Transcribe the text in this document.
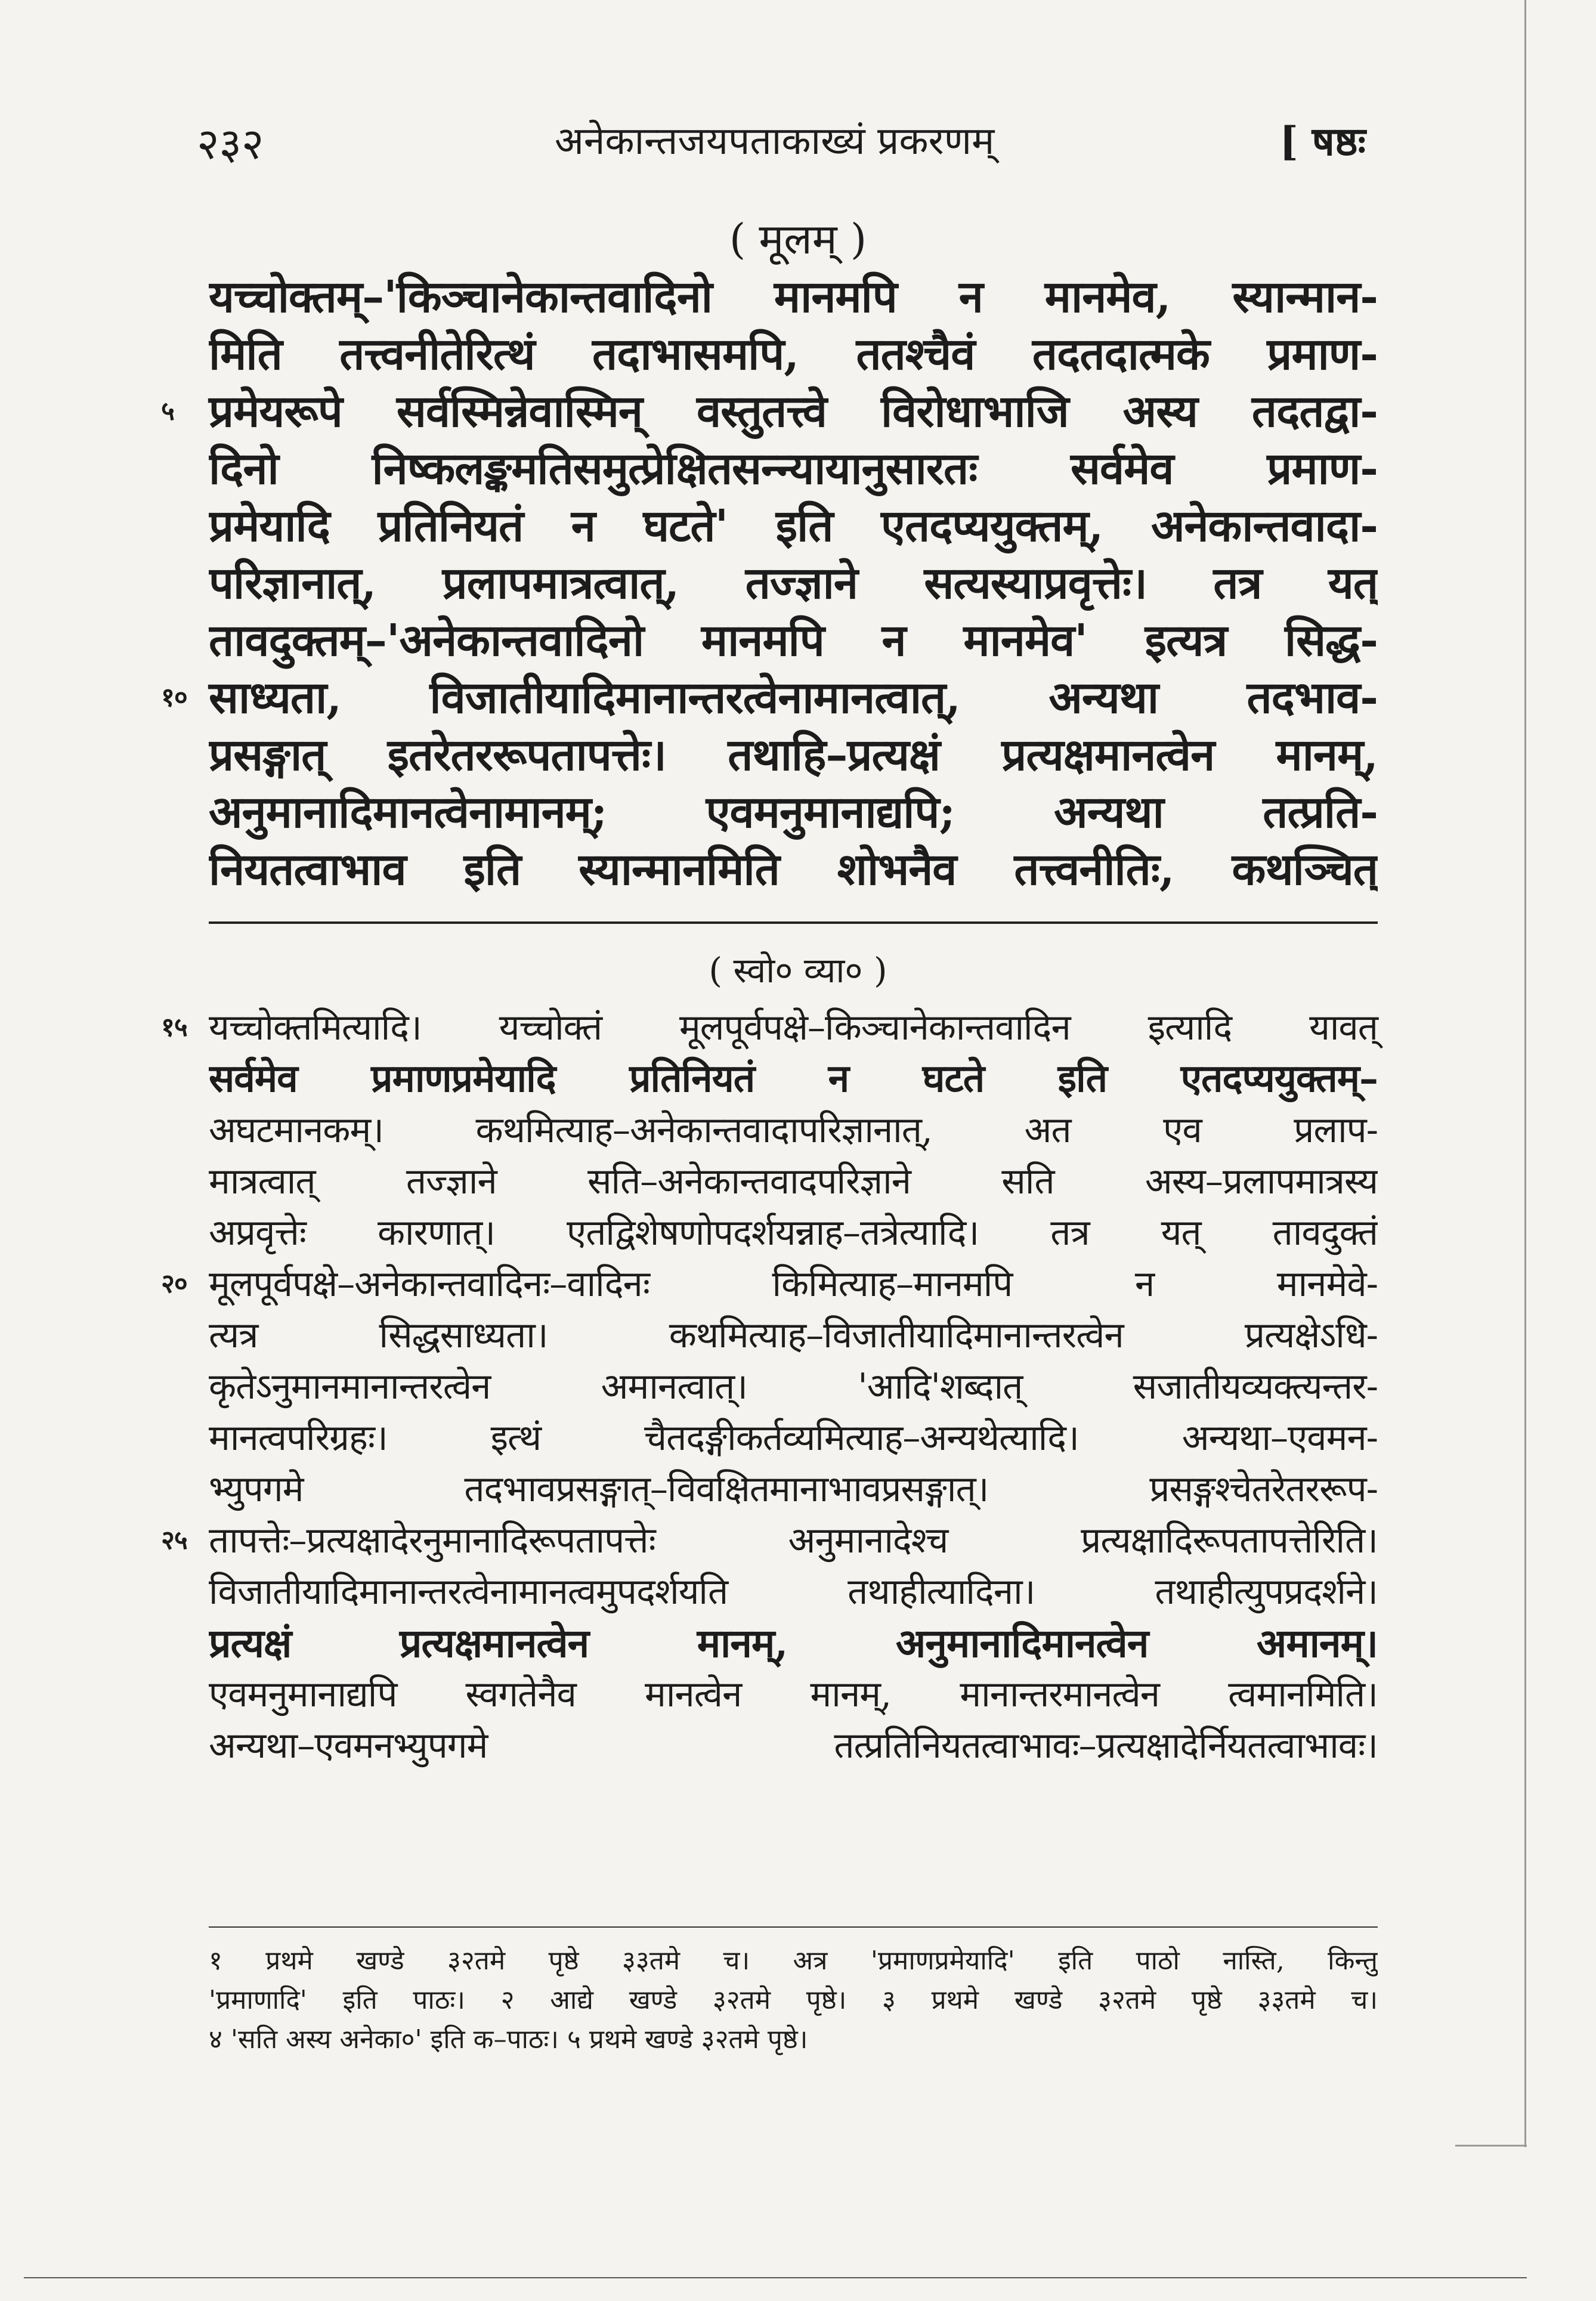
२३२	अनेकान्तजयपताकाख्यं प्रकरणम्	[ षष्ठः
( मूलम् )
यच्चोक्तम्–'किञ्चानेकान्तवादिनो मानमपि न मानमेव, स्यान्मान-
मिति तत्त्वनीतेरित्थं तदाभासमपि, ततश्चैवं तदतदात्मके प्रमाण-
५ प्रमेयरूपे सर्वस्मिन्नेवास्मिन् वस्तुतत्त्वे विरोधाभाजि अस्य तदतद्वा-
दिनो निष्कलङ्कमतिसमुत्प्रेक्षितसन्न्यायानुसारतः सर्वमेव प्रमाण-
प्रमेयादि प्रतिनियतं न घटते' इति एतदप्ययुक्तम्, अनेकान्तवादा-
परिज्ञानात्, प्रलापमात्रत्वात्, तज्ज्ञाने सत्यस्याप्रवृत्तेः। तत्र यत्
तावदुक्तम्–'अनेकान्तवादिनो मानमपि न मानमेव' इत्यत्र सिद्ध-
१० साध्यता, विजातीयादिमानान्तरत्वेनामानत्वात्, अन्यथा तदभाव-
प्रसङ्गात् इतरेतररूपतापत्तेः। तथाहि–प्रत्यक्षं प्रत्यक्षमानत्वेन मानम्,
अनुमानादिमानत्वेनामानम्; एवमनुमानाद्यपि; अन्यथा तत्प्रति-
नियतत्वाभाव इति स्यान्मानमिति शोभनैव तत्त्वनीतिः, कथञ्चित्
( स्वो० व्या० )
१५ यच्चोक्तमित्यादि। यच्चोक्तं मूलपूर्वपक्षे–किञ्चानेकान्तवादिन इत्यादि यावत्
सर्वमेव प्रमाणप्रमेयादि प्रतिनियतं न घटते इति एतदप्ययुक्तम्–
अघटमानकम्। कथमित्याह–अनेकान्तवादापरिज्ञानात्, अत एव प्रलाप-
मात्रत्वात् तज्ज्ञाने सति–अनेकान्तवादपरिज्ञाने सति अस्य–प्रलापमात्रस्य
अप्रवृत्तेः कारणात्। एतद्विशेषणोपदर्शयन्नाह–तत्रेत्यादि। तत्र यत् तावदुक्तं
२० मूलपूर्वपक्षे–अनेकान्तवादिनः–वादिनः किमित्याह–मानमपि न मानमेवे-
त्यत्र सिद्धसाध्यता। कथमित्याह–विजातीयादिमानान्तरत्वेन प्रत्यक्षेऽधि-
कृतेऽनुमानमानान्तरत्वेन अमानत्वात्। 'आदि'शब्दात् सजातीयव्यक्त्यन्तर-
मानत्वपरिग्रहः। इत्थं चैतदङ्गीकर्तव्यमित्याह–अन्यथेत्यादि। अन्यथा–एवमन-
भ्युपगमे तदभावप्रसङ्गात्–विवक्षितमानाभावप्रसङ्गात्। प्रसङ्गश्चेतरेतररूप-
२५ तापत्तेः–प्रत्यक्षादेरनुमानादिरूपतापत्तेः अनुमानादेश्च प्रत्यक्षादिरूपतापत्तेरिति।
विजातीयादिमानान्तरत्वेनामानत्वमुपदर्शयति तथाहीत्यादिना। तथाहीत्युपप्रदर्शने।
प्रत्यक्षं प्रत्यक्षमानत्वेन मानम्, अनुमानादिमानत्वेन अमानम्।
एवमनुमानाद्यपि स्वगतेनैव मानत्वेन मानम्, मानान्तरमानत्वेन त्वमानमिति।
अन्यथा–एवमनभ्युपगमे तत्प्रतिनियतत्वाभावः–प्रत्यक्षादेर्नियतत्वाभावः।
१ प्रथमे खण्डे ३२तमे पृष्ठे ३३तमे च। अत्र 'प्रमाणप्रमेयादि' इति पाठो नास्ति, किन्तु
'प्रमाणादि' इति पाठः। २ आद्ये खण्डे ३२तमे पृष्ठे। ३ प्रथमे खण्डे ३२तमे पृष्ठे ३३तमे च।
४ 'सति अस्य अनेका०' इति क–पाठः। ५ प्रथमे खण्डे ३२तमे पृष्ठे।
